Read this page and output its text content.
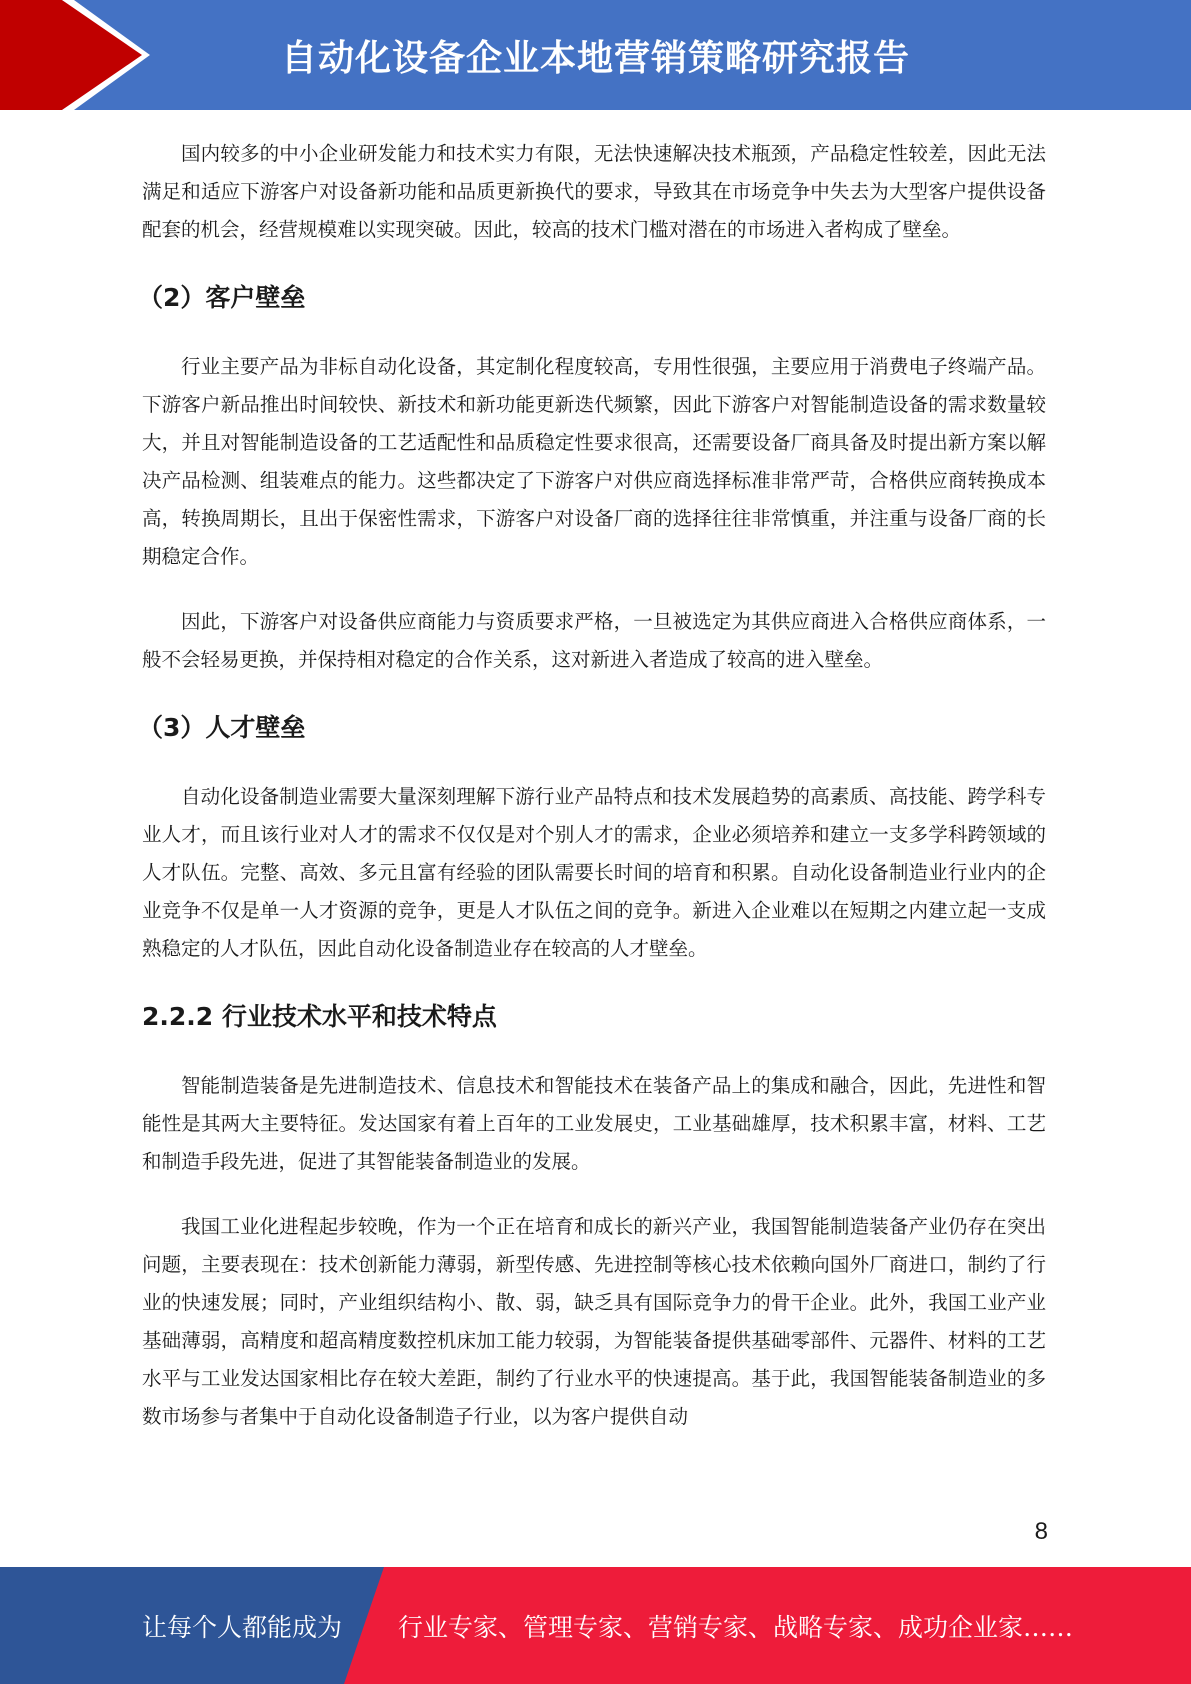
自动化设备企业本地营销策略研究报告

国内较多的中小企业研发能力和技术实力有限，无法快速解决技术瓶颈，产品稳定性较差，因此无法满足和适应下游客户对设备新功能和品质更新换代的要求，导致其在市场竞争中失去为大型客户提供设备配套的机会，经营规模难以实现突破。因此，较高的技术门槛对潜在的市场进入者构成了壁垒。

（2）客户壁垒

行业主要产品为非标自动化设备，其定制化程度较高，专用性很强，主要应用于消费电子终端产品。下游客户新品推出时间较快、新技术和新功能更新迭代频繁，因此下游客户对智能制造设备的需求数量较大，并且对智能制造设备的工艺适配性和品质稳定性要求很高，还需要设备厂商具备及时提出新方案以解决产品检测、组装难点的能力。这些都决定了下游客户对供应商选择标准非常严苛，合格供应商转换成本高，转换周期长，且出于保密性需求，下游客户对设备厂商的选择往往非常慎重，并注重与设备厂商的长期稳定合作。

因此，下游客户对设备供应商能力与资质要求严格，一旦被选定为其供应商进入合格供应商体系，一般不会轻易更换，并保持相对稳定的合作关系，这对新进入者造成了较高的进入壁垒。

（3）人才壁垒

自动化设备制造业需要大量深刻理解下游行业产品特点和技术发展趋势的高素质、高技能、跨学科专业人才，而且该行业对人才的需求不仅仅是对个别人才的需求，企业必须培养和建立一支多学科跨领域的人才队伍。完整、高效、多元且富有经验的团队需要长时间的培育和积累。自动化设备制造业行业内的企业竞争不仅是单一人才资源的竞争，更是人才队伍之间的竞争。新进入企业难以在短期之内建立起一支成熟稳定的人才队伍，因此自动化设备制造业存在较高的人才壁垒。

2.2.2 行业技术水平和技术特点

智能制造装备是先进制造技术、信息技术和智能技术在装备产品上的集成和融合，因此，先进性和智能性是其两大主要特征。发达国家有着上百年的工业发展史，工业基础雄厚，技术积累丰富，材料、工艺和制造手段先进，促进了其智能装备制造业的发展。

我国工业化进程起步较晚，作为一个正在培育和成长的新兴产业，我国智能制造装备产业仍存在突出问题，主要表现在：技术创新能力薄弱，新型传感、先进控制等核心技术依赖向国外厂商进口，制约了行业的快速发展；同时，产业组织结构小、散、弱，缺乏具有国际竞争力的骨干企业。此外，我国工业产业基础薄弱，高精度和超高精度数控机床加工能力较弱，为智能装备提供基础零部件、元器件、材料的工艺水平与工业发达国家相比存在较大差距，制约了行业水平的快速提高。基于此，我国智能装备制造业的多数市场参与者集中于自动化设备制造子行业，以为客户提供自动

8
让每个人都能成为 行业专家、管理专家、营销专家、战略专家、成功企业家……
